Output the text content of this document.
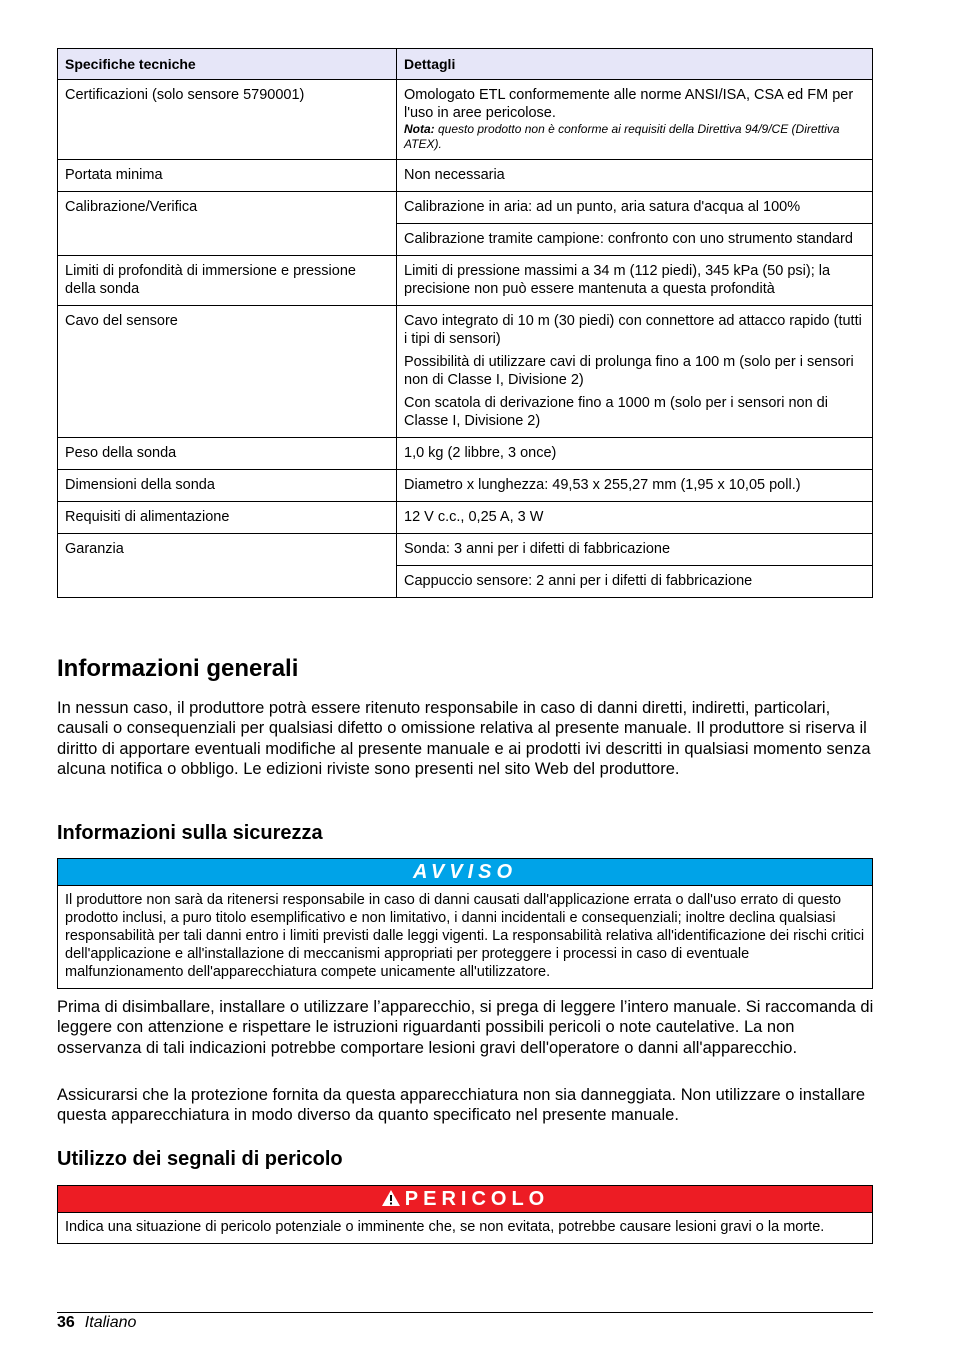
Specifiche tecniche	Dettagli
Certificazioni (solo sensore 5790001)	Omologato ETL conformemente alle norme ANSI/ISA, CSA ed FM per l'uso in aree pericolose.
Nota: questo prodotto non è conforme ai requisiti della Direttiva 94/9/CE (Direttiva ATEX).

Portata minima	Non necessaria
Calibrazione/Verifica	Calibrazione in aria: ad un punto, aria satura d'acqua al 100%
	Calibrazione tramite campione: confronto con uno strumento standard
Limiti di profondità di immersione e pressione della sonda	Limiti di pressione massimi a 34 m (112 piedi), 345 kPa (50 psi); la precisione non può essere mantenuta a questa profondità
Cavo del sensore	Cavo integrato di 10 m (30 piedi) con connettore ad attacco rapido (tutti i tipi di sensori)
Possibilità di utilizzare cavi di prolunga fino a 100 m (solo per i sensori non di Classe I, Divisione 2)
Con scatola di derivazione fino a 1000 m (solo per i sensori non di Classe I, Divisione 2)

Peso della sonda	1,0 kg (2 libbre, 3 once)
Dimensioni della sonda	Diametro x lunghezza: 49,53 x 255,27 mm (1,95 x 10,05 poll.)
Requisiti di alimentazione	12 V c.c., 0,25 A, 3 W
Garanzia	Sonda: 3 anni per i difetti di fabbricazione
	Cappuccio sensore: 2 anni per i difetti di fabbricazione
Informazioni generali

In nessun caso, il produttore potrà essere ritenuto responsabile in caso di danni diretti, indiretti, particolari, causali o consequenziali per qualsiasi difetto o omissione relativa al presente manuale. Il produttore si riserva il diritto di apportare eventuali modifiche al presente manuale e ai prodotti ivi descritti in qualsiasi momento senza alcuna notifica o obbligo. Le edizioni riviste sono presenti nel sito Web del produttore.

Informazioni sulla sicurezza
AVVISO
Il produttore non sarà da ritenersi responsabile in caso di danni causati dall'applicazione errata o dall'uso errato di questo prodotto inclusi, a puro titolo esemplificativo e non limitativo, i danni incidentali e consequenziali; inoltre declina qualsiasi responsabilità per tali danni entro i limiti previsti dalle leggi vigenti. La responsabilità relativa all'identificazione dei rischi critici dell'applicazione e all'installazione di meccanismi appropriati per proteggere i processi in caso di eventuale malfunzionamento dell'apparecchiatura compete unicamente all'utilizzatore.

Prima di disimballare, installare o utilizzare l’apparecchio, si prega di leggere l’intero manuale. Si raccomanda di leggere con attenzione e rispettare le istruzioni riguardanti possibili pericoli o note cautelative. La non osservanza di tali indicazioni potrebbe comportare lesioni gravi dell'operatore o danni all'apparecchio.

Assicurarsi che la protezione fornita da questa apparecchiatura non sia danneggiata. Non utilizzare o installare questa apparecchiatura in modo diverso da quanto specificato nel presente manuale.

Utilizzo dei segnali di pericolo
PERICOLO
Indica una situazione di pericolo potenziale o imminente che, se non evitata, potrebbe causare lesioni gravi o la morte.
36 Italiano
